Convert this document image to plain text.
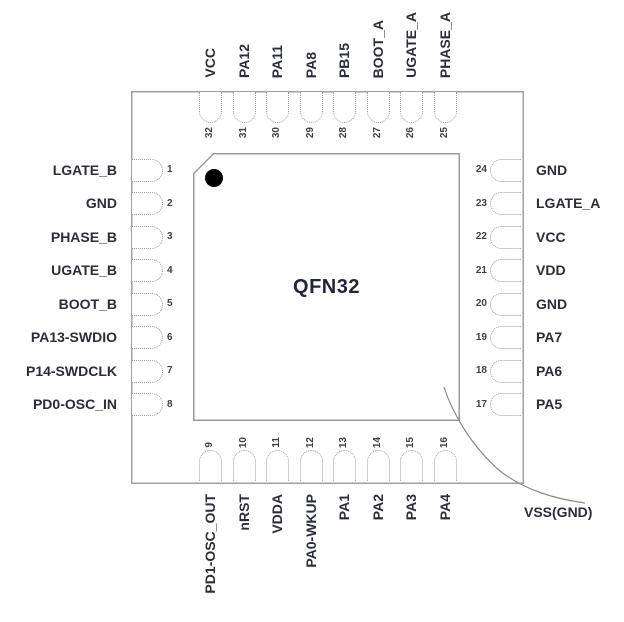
1
LGATE_B
2
GND
3
PHASE_B
4
UGATE_B
5
BOOT_B
6
PA13-SWDIO
7
P14-SWDCLK
8
PD0-OSC_IN
32
VCC
31
PA12
30
PA11
29
PA8
28
PB15
27
BOOT_A
26
UGATE_A
25
PHASE_A
24	GND
23	LGATE_A
22	VCC
21	VDD
20	GND
19	PA7
18	PA6
17	PA5
9
PD1-OSC_OUT
10
nRST
11
VDDA
12
PA0-WKUP
13
PA1
14
PA2
15
PA3
16
PA4
QFN32
VSS(GND)
